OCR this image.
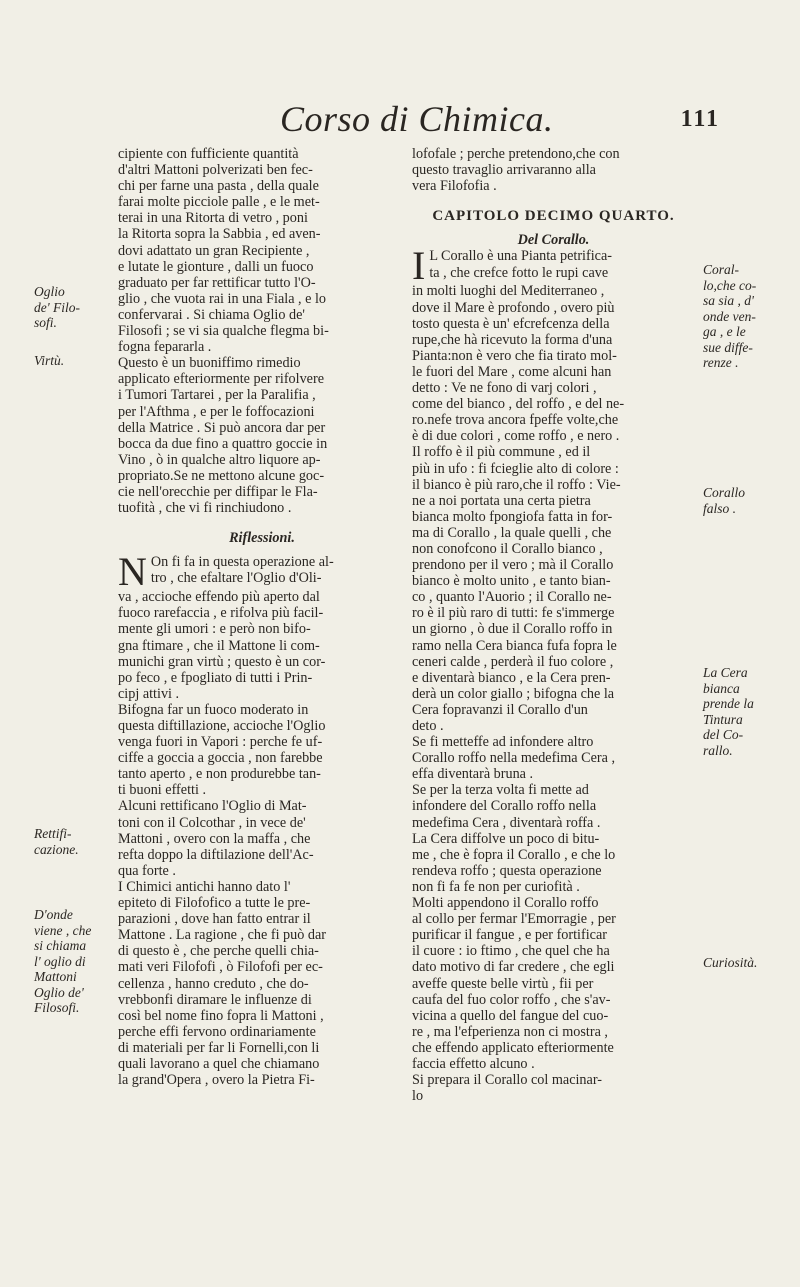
Corso di Chimica.	111
cipiente con fufficiente quantità
d'altri Mattoni polverizati ben fec-
chi per farne una pasta , della quale
farai molte picciole palle , e le met-
terai in una Ritorta di vetro , poni
la Ritorta sopra la Sabbia , ed aven-
dovi adattato un gran Recipiente ,
e lutate le gionture , dalli un fuoco
graduato per far rettificar tutto l'O-
glio , che vuota rai in una Fiala , e lo
confervarai . Si chiama Oglio de'
Filosofi ; se vi sia qualche flegma bi-
fogna fepararla .
Questo è un buoniffimo rimedio
applicato efteriormente per rifolvere
i Tumori Tartarei , per la Paralifia ,
per l'Afthma , e per le foffocazioni
della Matrice . Si può ancora dar per
bocca da due fino a quattro goccie in
Vino , ò in qualche altro liquore ap-
propriato.Se ne mettono alcune goc-
cie nell'orecchie per diffipar le Fla-
tuofità , che vi fi rinchiudono .
Riflessioni.
N On fi fa in questa operazione al-
tro , che efaltare l'Oglio d'Oli-
va , accioche effendo più aperto dal
fuoco rarefaccia , e rifolva più facil-
mente gli umori : e però non bifo-
gna ftimare , che il Mattone li com-
munichi gran virtù ; questo è un cor-
po feco , e fpogliato di tutti i Prin-
cipj attivi .
Bifogna far un fuoco moderato in
questa diftillazione, accioche l'Oglio
venga fuori in Vapori : perche fe uf-
ciffe a goccia a goccia , non farebbe
tanto aperto , e non produrebbe tan-
ti buoni effetti .
Alcuni rettificano l'Oglio di Mat-
toni con il Colcothar , in vece de'
Mattoni , overo con la maffa , che
refta doppo la diftilazione dell'Ac-
qua forte .
I Chimici antichi hanno dato l'
epiteto di Filofofico a tutte le pre-
parazioni , dove han fatto entrar il
Mattone . La ragione , che fi può dar
di questo è , che perche quelli chia-
mati veri Filofofi , ò Filofofi per ec-
cellenza , hanno creduto , che do-
vrebbonfi diramare le influenze di
così bel nome fino fopra li Mattoni ,
perche effi fervono ordinariamente
di materiali per far li Fornelli,con li
quali lavorano a quel che chiamano
la grand'Opera , overo la Pietra Fi-
Oglio
de' Filo-
sofi.
Virtù.
Rettifi-
cazione.
D'onde
viene , che
si chiama
l' oglio di
Mattoni
Oglio de'
Filosofi.
lofofale ; perche pretendono,che con
questo travaglio arrivaranno alla
vera Filofofia .
CAPITOLO DECIMO QUARTO.
Del Corallo.
I L Corallo è una Pianta petrifica-
ta , che crefce fotto le rupi cave
in molti luoghi del Mediterraneo ,
dove il Mare è profondo , overo più
tosto questa è un' efcrefcenza della
rupe,che hà ricevuto la forma d'una
Pianta:non è vero che fia tirato mol-
le fuori del Mare , come alcuni han
detto : Ve ne fono di varj colori ,
come del bianco , del roffo , e del ne-
ro.nefe trova ancora fpeffe volte,che
è di due colori , come roffo , e nero .
Il roffo è il più commune , ed il
più in ufo : fi fcieglie alto di colore :
il bianco è più raro,che il roffo : Vie-
ne a noi portata una certa pietra
bianca molto fpongiofa fatta in for-
ma di Corallo , la quale quelli , che
non conofcono il Corallo bianco ,
prendono per il vero ; mà il Corallo
bianco è molto unito , e tanto bian-
co , quanto l'Auorio ; il Corallo ne-
ro è il più raro di tutti: fe s'immerge
un giorno , ò due il Corallo roffo in
ramo nella Cera bianca fufa fopra le
ceneri calde , perderà il fuo colore ,
e diventarà bianco , e la Cera pren-
derà un color giallo ; bifogna che la
Cera fopravanzi il Corallo d'un
deto .
Se fi metteffe ad infondere altro
Corallo roffo nella medefima Cera ,
effa diventarà bruna .
Se per la terza volta fi mette ad
infondere del Corallo roffo nella
medefima Cera , diventarà roffa .
La Cera diffolve un poco di bitu-
me , che è fopra il Corallo , e che lo
rendeva roffo ; questa operazione
non fi fa fe non per curiofità .
Molti appendono il Corallo roffo
al collo per fermar l'Emorragie , per
purificar il fangue , e per fortificar
il cuore : io ftimo , che quel che ha
dato motivo di far credere , che egli
aveffe queste belle virtù , fii per
caufa del fuo color roffo , che s'av-
vicina a quello del fangue del cuo-
re , ma l'efperienza non ci mostra ,
che effendo applicato efteriormente
faccia effetto alcuno .
Si prepara il Corallo col macinar-
lo
Coral-
lo,che co-
sa sia , d'
onde ven-
ga , e le
sue diffe-
renze .
Corallo
falso .
La Cera
bianca
prende la
Tintura
del Co-
rallo.
Curiosità.
